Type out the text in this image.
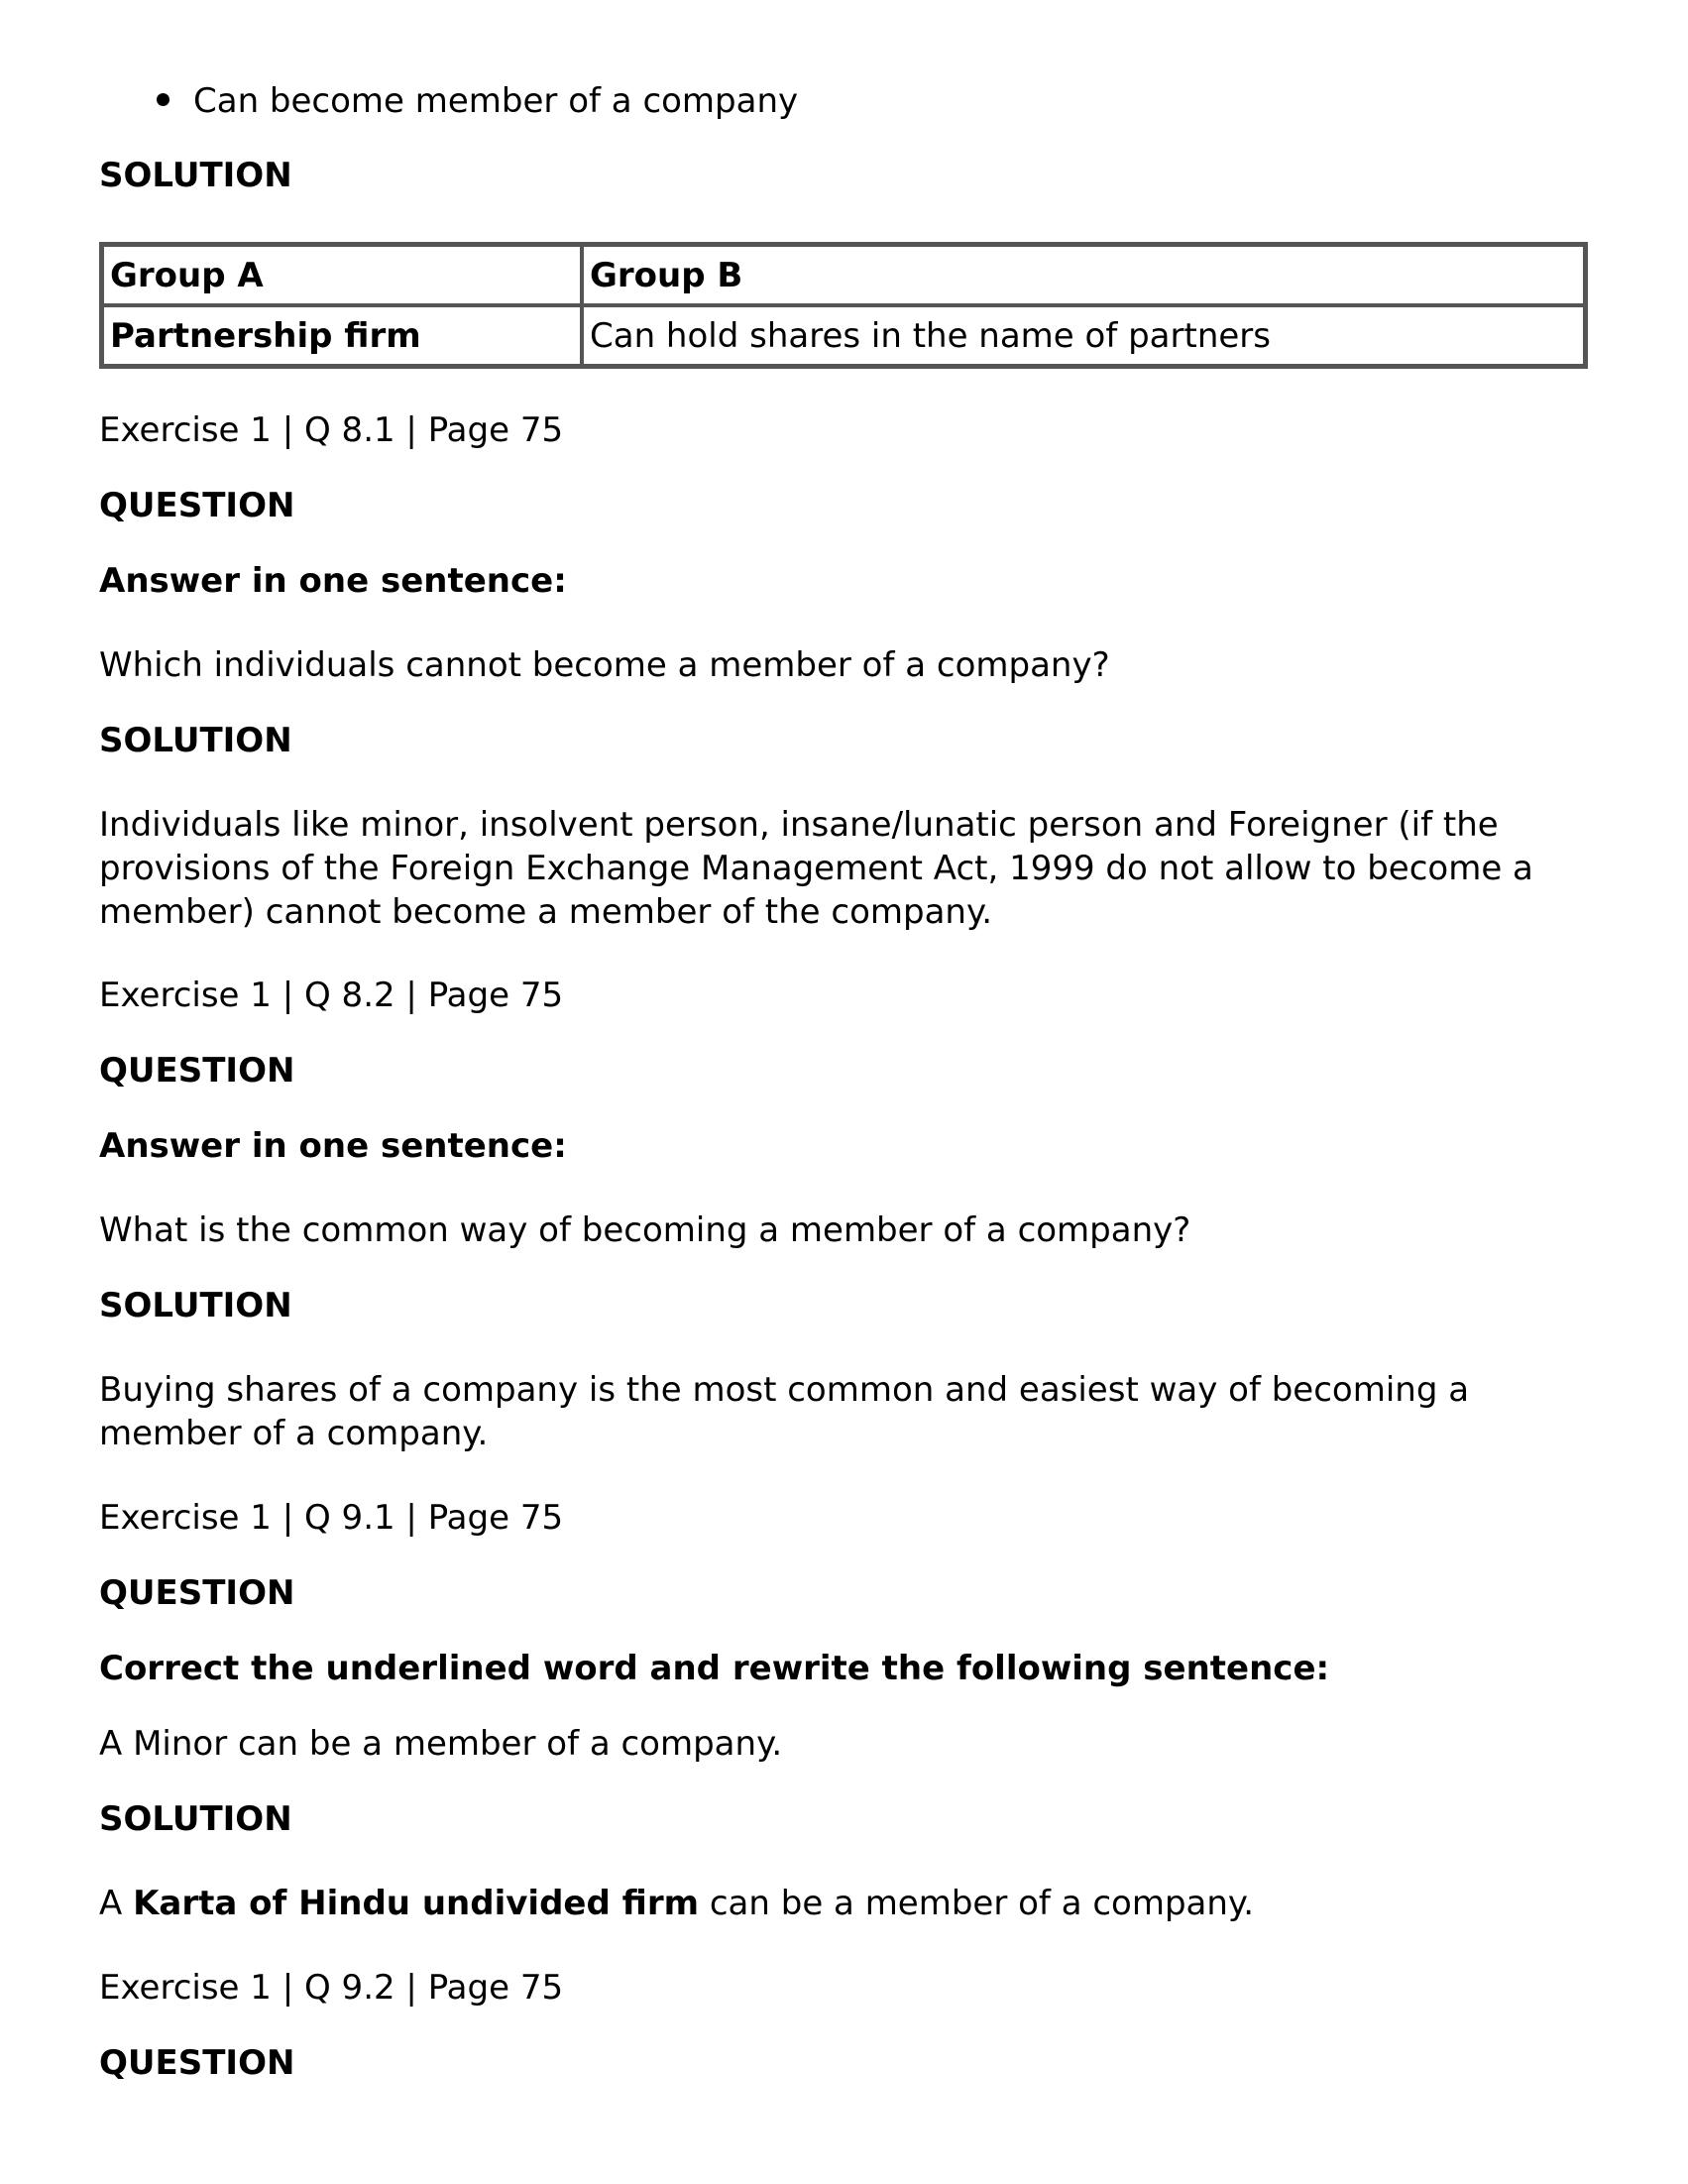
Can become member of a company
SOLUTION
Group A	Group B
Partnership firm	Can hold shares in the name of partners
Exercise 1 | Q 8.1 | Page 75
QUESTION
Answer in one sentence:
Which individuals cannot become a member of a company?
SOLUTION
Individuals like minor, insolvent person, insane/lunatic person and Foreigner (if the provisions of the Foreign Exchange Management Act, 1999 do not allow to become a member) cannot become a member of the company.
Exercise 1 | Q 8.2 | Page 75
QUESTION
Answer in one sentence:
What is the common way of becoming a member of a company?
SOLUTION
Buying shares of a company is the most common and easiest way of becoming a member of a company.
Exercise 1 | Q 9.1 | Page 75
QUESTION
Correct the underlined word and rewrite the following sentence:
A Minor can be a member of a company.
SOLUTION
A Karta of Hindu undivided firm can be a member of a company.
Exercise 1 | Q 9.2 | Page 75
QUESTION
